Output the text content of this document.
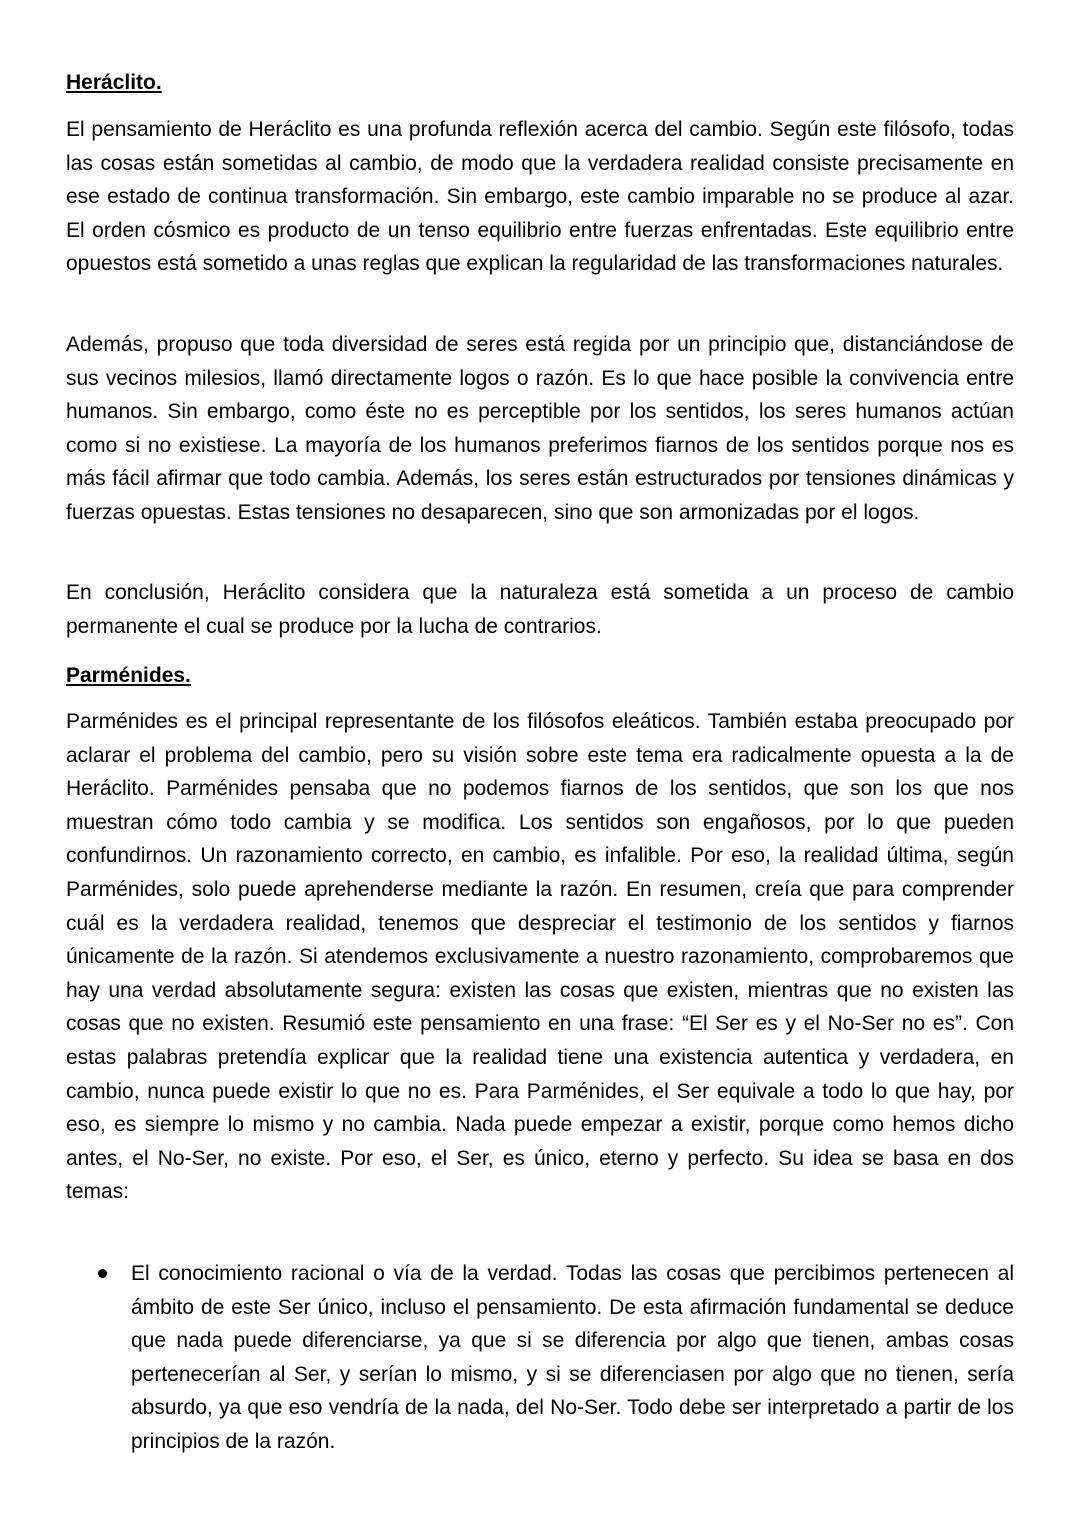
Heráclito.

El pensamiento de Heráclito es una profunda reflexión acerca del cambio. Según este filósofo, todas las cosas están sometidas al cambio, de modo que la verdadera realidad consiste precisamente en ese estado de continua transformación. Sin embargo, este cambio imparable no se produce al azar. El orden cósmico es producto de un tenso equilibrio entre fuerzas enfrentadas. Este equilibrio entre opuestos está sometido a unas reglas que explican la regularidad de las transformaciones naturales.

Además, propuso que toda diversidad de seres está regida por un principio que, distanciándose de sus vecinos milesios, llamó directamente logos o razón. Es lo que hace posible la convivencia entre humanos. Sin embargo, como éste no es perceptible por los sentidos, los seres humanos actúan como si no existiese. La mayoría de los humanos preferimos fiarnos de los sentidos porque nos es más fácil afirmar que todo cambia. Además, los seres están estructurados por tensiones dinámicas y fuerzas opuestas. Estas tensiones no desaparecen, sino que son armonizadas por el logos.

En conclusión, Heráclito considera que la naturaleza está sometida a un proceso de cambio permanente el cual se produce por la lucha de contrarios.

Parménides.

Parménides es el principal representante de los filósofos eleáticos. También estaba preocupado por aclarar el problema del cambio, pero su visión sobre este tema era radicalmente opuesta a la de Heráclito. Parménides pensaba que no podemos fiarnos de los sentidos, que son los que nos muestran cómo todo cambia y se modifica. Los sentidos son engañosos, por lo que pueden confundirnos. Un razonamiento correcto, en cambio, es infalible. Por eso, la realidad última, según Parménides, solo puede aprehenderse mediante la razón. En resumen, creía que para comprender cuál es la verdadera realidad, tenemos que despreciar el testimonio de los sentidos y fiarnos únicamente de la razón. Si atendemos exclusivamente a nuestro razonamiento, comprobaremos que hay una verdad absolutamente segura: existen las cosas que existen, mientras que no existen las cosas que no existen. Resumió este pensamiento en una frase: “El Ser es y el No-Ser no es”. Con estas palabras pretendía explicar que la realidad tiene una existencia autentica y verdadera, en cambio, nunca puede existir lo que no es. Para Parménides, el Ser equivale a todo lo que hay, por eso, es siempre lo mismo y no cambia. Nada puede empezar a existir, porque como hemos dicho antes, el No-Ser, no existe. Por eso, el Ser, es único, eterno y perfecto. Su idea se basa en dos temas:

El conocimiento racional o vía de la verdad. Todas las cosas que percibimos pertenecen al ámbito de este Ser único, incluso el pensamiento. De esta afirmación fundamental se deduce que nada puede diferenciarse, ya que si se diferencia por algo que tienen, ambas cosas pertenecerían al Ser, y serían lo mismo, y si se diferenciasen por algo que no tienen, sería absurdo, ya que eso vendría de la nada, del No-Ser. Todo debe ser interpretado a partir de los principios de la razón.
